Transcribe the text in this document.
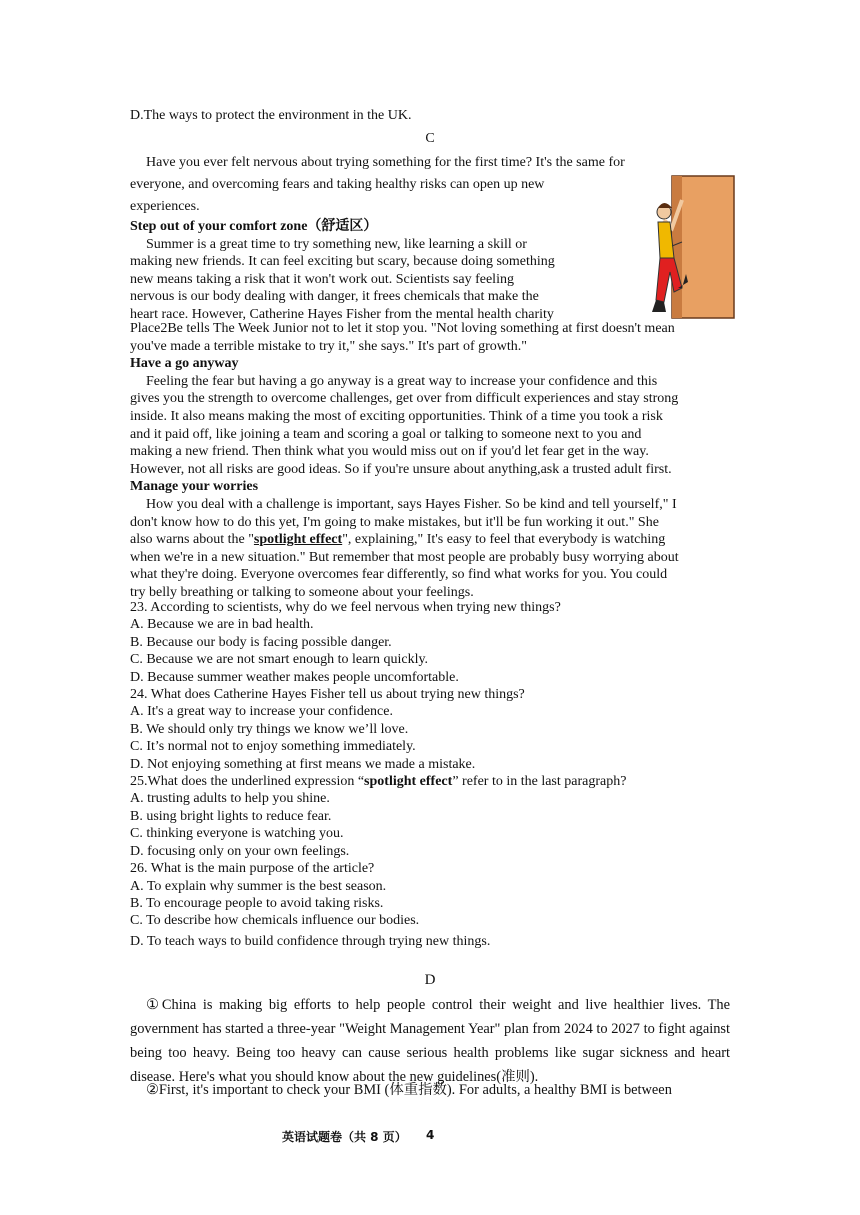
D.The ways to protect the environment in the UK.
C
Have you ever felt nervous about trying something for the first time? It's the same for
everyone, and overcoming fears and taking healthy risks can open up new
experiences.
Step out of your comfort zone（舒适区）
Summer is a great time to try something new, like learning a skill or
making new friends. It can feel exciting but scary, because doing something
new means taking a risk that it won't work out. Scientists say feeling
nervous is our body dealing with danger, it frees chemicals that make the
heart race. However, Catherine Hayes Fisher from the mental health charity
Place2Be tells The Week Junior not to let it stop you. "Not loving something at first doesn't mean
you've made a terrible mistake to try it," she says." It's part of growth."
Have a go anyway
Feeling the fear but having a go anyway is a great way to increase your confidence and this
gives you the strength to overcome challenges, get over from difficult experiences and stay strong
inside. It also means making the most of exciting opportunities. Think of a time you took a risk
and it paid off, like joining a team and scoring a goal or talking to someone next to you and
making a new friend. Then think what you would miss out on if you'd let fear get in the way.
However, not all risks are good ideas. So if you're unsure about anything,ask a trusted adult first.
Manage your worries
How you deal with a challenge is important, says Hayes Fisher. So be kind and tell yourself," I
don't know how to do this yet, I'm going to make mistakes, but it'll be fun working it out." She
also warns about the "spotlight effect", explaining," It's easy to feel that everybody is watching
when we're in a new situation." But remember that most people are probably busy worrying about
what they're doing. Everyone overcomes fear differently, so find what works for you. You could
try belly breathing or talking to someone about your feelings.
23. According to scientists, why do we feel nervous when trying new things?
A. Because we are in bad health.
B. Because our body is facing possible danger.
C. Because we are not smart enough to learn quickly.
D. Because summer weather makes people uncomfortable.
24. What does Catherine Hayes Fisher tell us about trying new things?
A. It's a great way to increase your confidence.
B. We should only try things we know we’ll love.
C. It’s normal not to enjoy something immediately.
D. Not enjoying something at first means we made a mistake.
25.What does the underlined expression “spotlight effect” refer to in the last paragraph?
A. trusting adults to help you shine.
B. using bright lights to reduce fear.
C. thinking everyone is watching you.
D. focusing only on your own feelings.
26. What is the main purpose of the article?
A. To explain why summer is the best season.
B. To encourage people to avoid taking risks.
C. To describe how chemicals influence our bodies.
D. To teach ways to build confidence through trying new things.
D
①China is making big efforts to help people control their weight and live healthier lives. The government has started a three-year "Weight Management Year" plan from 2024 to 2027 to fight against being too heavy. Being too heavy can cause serious health problems like sugar sickness and heart disease. Here's what you should know about the new guidelines(准则).
②First, it's important to check your BMI (体重指数). For adults, a healthy BMI is between
英语试题卷（共 8 页） 4
